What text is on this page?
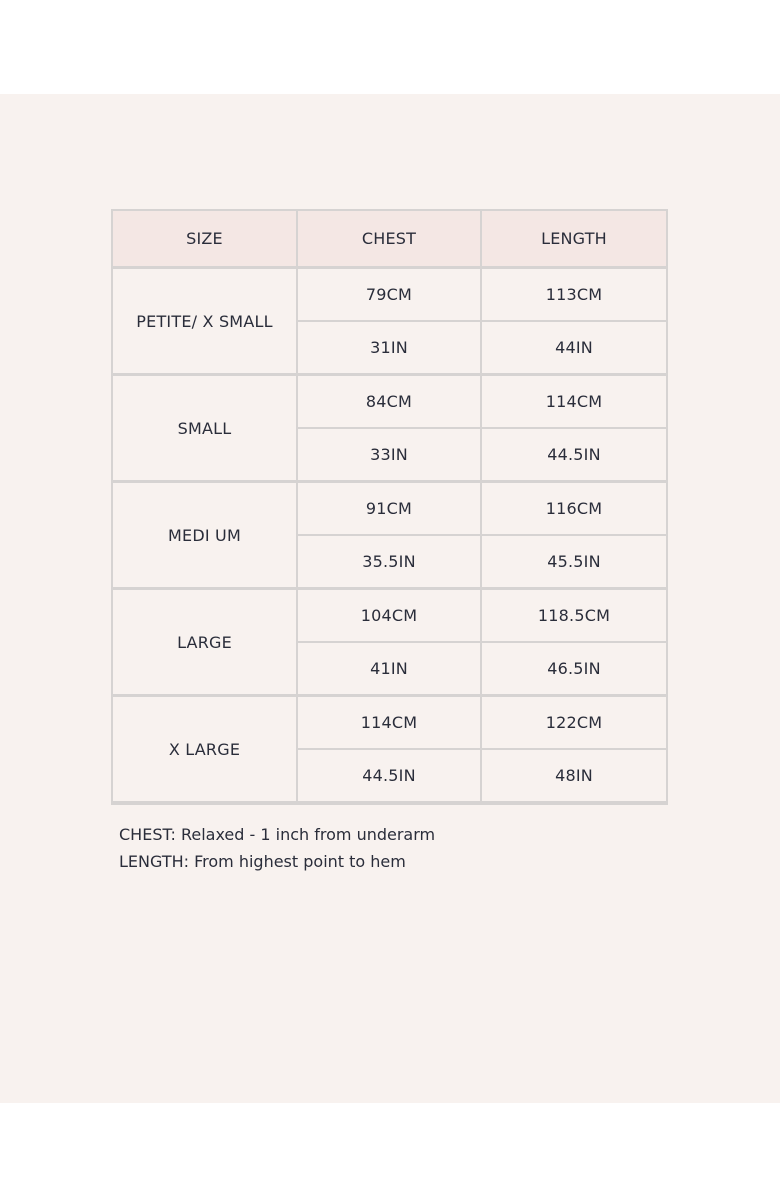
SIZE	CHEST	LENGTH
PETITE/ X SMALL	79CM	113CM
	31IN	44IN
SMALL	84CM	114CM
	33IN	44.5IN
MEDI UM	91CM	116CM
	35.5IN	45.5IN
LARGE	104CM	118.5CM
	41IN	46.5IN
X LARGE	114CM	122CM
	44.5IN	48IN
CHEST: Relaxed - 1 inch from underarm
LENGTH: From highest point to hem
